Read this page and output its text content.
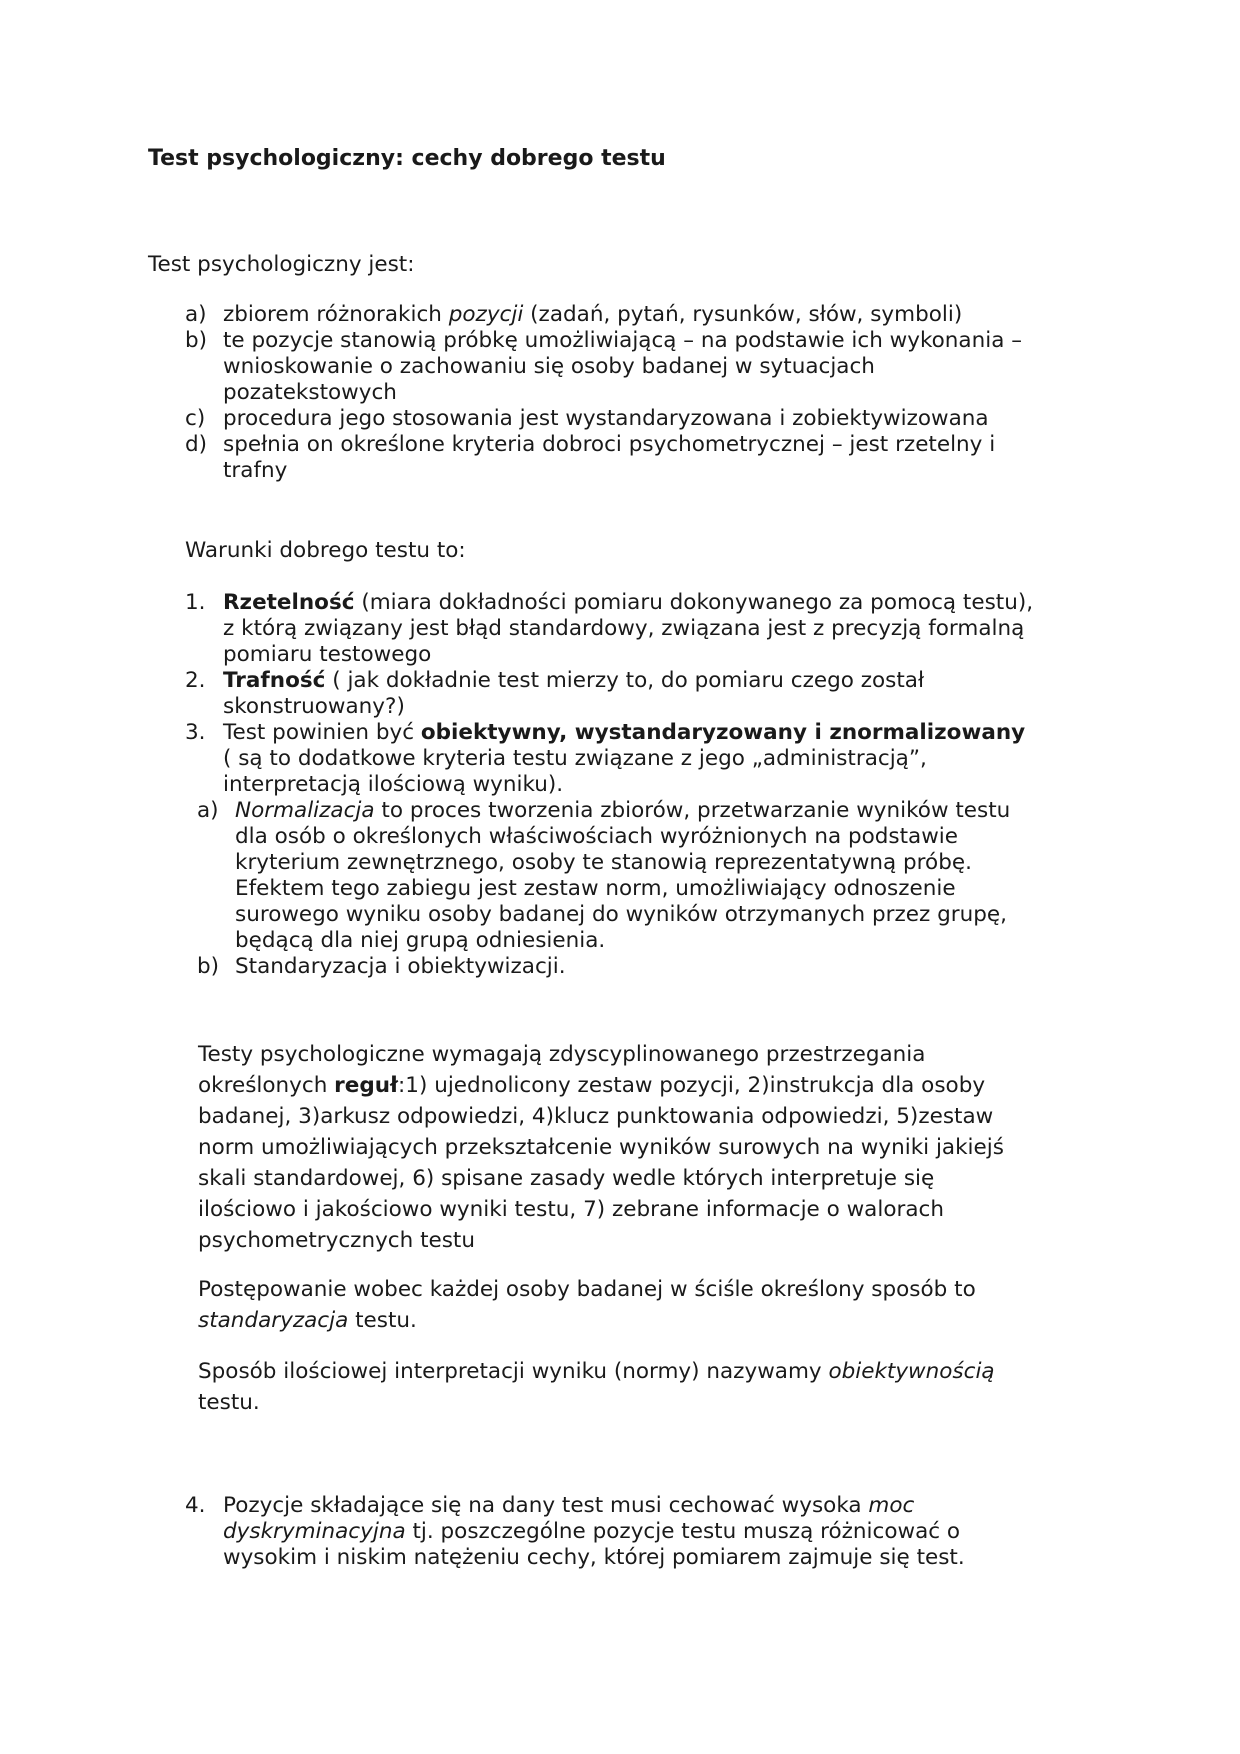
Test psychologiczny: cechy dobrego testu

Test psychologiczny jest:

a) zbiorem różnorakich pozycji (zadań, pytań, rysunków, słów, symboli)

b) te pozycje stanowią próbkę umożliwiającą – na podstawie ich wykonania –

wnioskowanie o zachowaniu się osoby badanej w sytuacjach

pozatekstowych

c) procedura jego stosowania jest wystandaryzowana i zobiektywizowana

d) spełnia on określone kryteria dobroci psychometrycznej – jest rzetelny i

trafny

Warunki dobrego testu to:

1. Rzetelność (miara dokładności pomiaru dokonywanego za pomocą testu),

z którą związany jest błąd standardowy, związana jest z precyzją formalną

pomiaru testowego

2. Trafność ( jak dokładnie test mierzy to, do pomiaru czego został

skonstruowany?)

3. Test powinien być obiektywny, wystandaryzowany i znormalizowany

( są to dodatkowe kryteria testu związane z jego „administracją”,

interpretacją ilościową wyniku).

a) Normalizacja to proces tworzenia zbiorów, przetwarzanie wyników testu

dla osób o określonych właściwościach wyróżnionych na podstawie

kryterium zewnętrznego, osoby te stanowią reprezentatywną próbę.

Efektem tego zabiegu jest zestaw norm, umożliwiający odnoszenie

surowego wyniku osoby badanej do wyników otrzymanych przez grupę,

będącą dla niej grupą odniesienia.

b) Standaryzacja i obiektywizacji.

Testy psychologiczne wymagają zdyscyplinowanego przestrzegania

określonych reguł:1) ujednolicony zestaw pozycji, 2)instrukcja dla osoby

badanej, 3)arkusz odpowiedzi, 4)klucz punktowania odpowiedzi, 5)zestaw

norm umożliwiających przekształcenie wyników surowych na wyniki jakiejś

skali standardowej, 6) spisane zasady wedle których interpretuje się

ilościowo i jakościowo wyniki testu, 7) zebrane informacje o walorach

psychometrycznych testu

Postępowanie wobec każdej osoby badanej w ściśle określony sposób to

standaryzacja testu.

Sposób ilościowej interpretacji wyniku (normy) nazywamy obiektywnością

testu.

4. Pozycje składające się na dany test musi cechować wysoka moc

dyskryminacyjna tj. poszczególne pozycje testu muszą różnicować o

wysokim i niskim natężeniu cechy, której pomiarem zajmuje się test.
